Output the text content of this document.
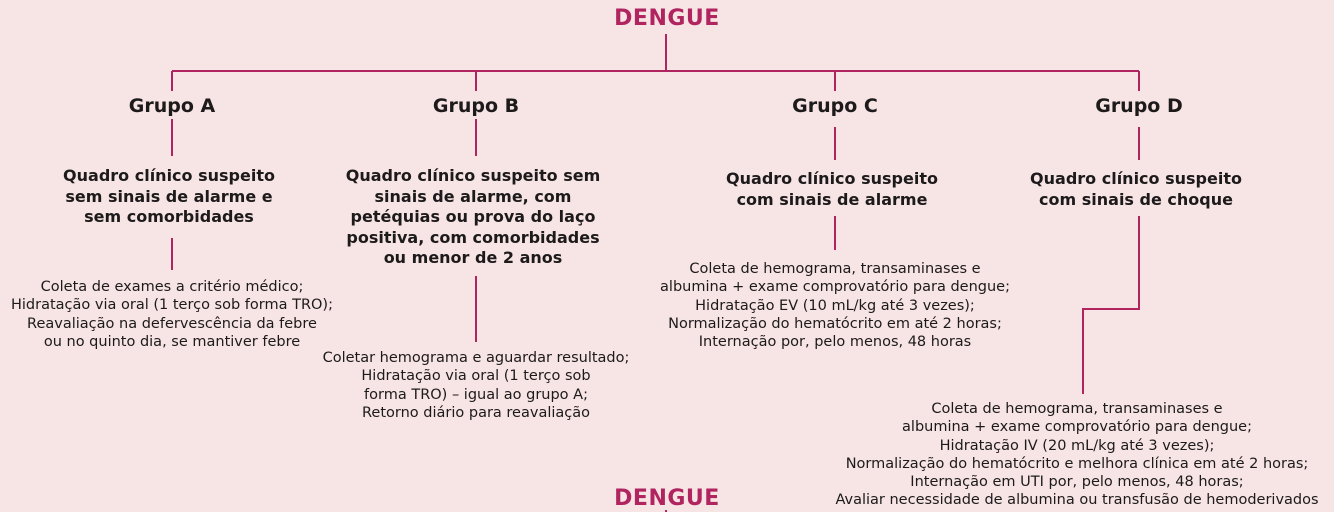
DENGUE
Grupo A	Grupo B	Grupo C	Grupo D
Quadro clínico suspeito
sem sinais de alarme e
sem comorbidades
Quadro clínico suspeito sem
sinais de alarme, com
petéquias ou prova do laço
positiva, com comorbidades
ou menor de 2 anos
Quadro clínico suspeito
com sinais de alarme
Quadro clínico suspeito
com sinais de choque
Coleta de exames a critério médico;
Hidratação via oral (1 terço sob forma TRO);
Reavaliação na defervescência da febre
ou no quinto dia, se mantiver febre
Coletar hemograma e aguardar resultado;
Hidratação via oral (1 terço sob
forma TRO) – igual ao grupo A;
Retorno diário para reavaliação
Coleta de hemograma, transaminases e
albumina + exame comprovatório para dengue;
Hidratação EV (10 mL/kg até 3 vezes);
Normalização do hematócrito em até 2 horas;
Internação por, pelo menos, 48 horas
Coleta de hemograma, transaminases e
albumina + exame comprovatório para dengue;
Hidratação IV (20 mL/kg até 3 vezes);
Normalização do hematócrito e melhora clínica em até 2 horas;
Internação em UTI por, pelo menos, 48 horas;
Avaliar necessidade de albumina ou transfusão de hemoderivados
DENGUE
